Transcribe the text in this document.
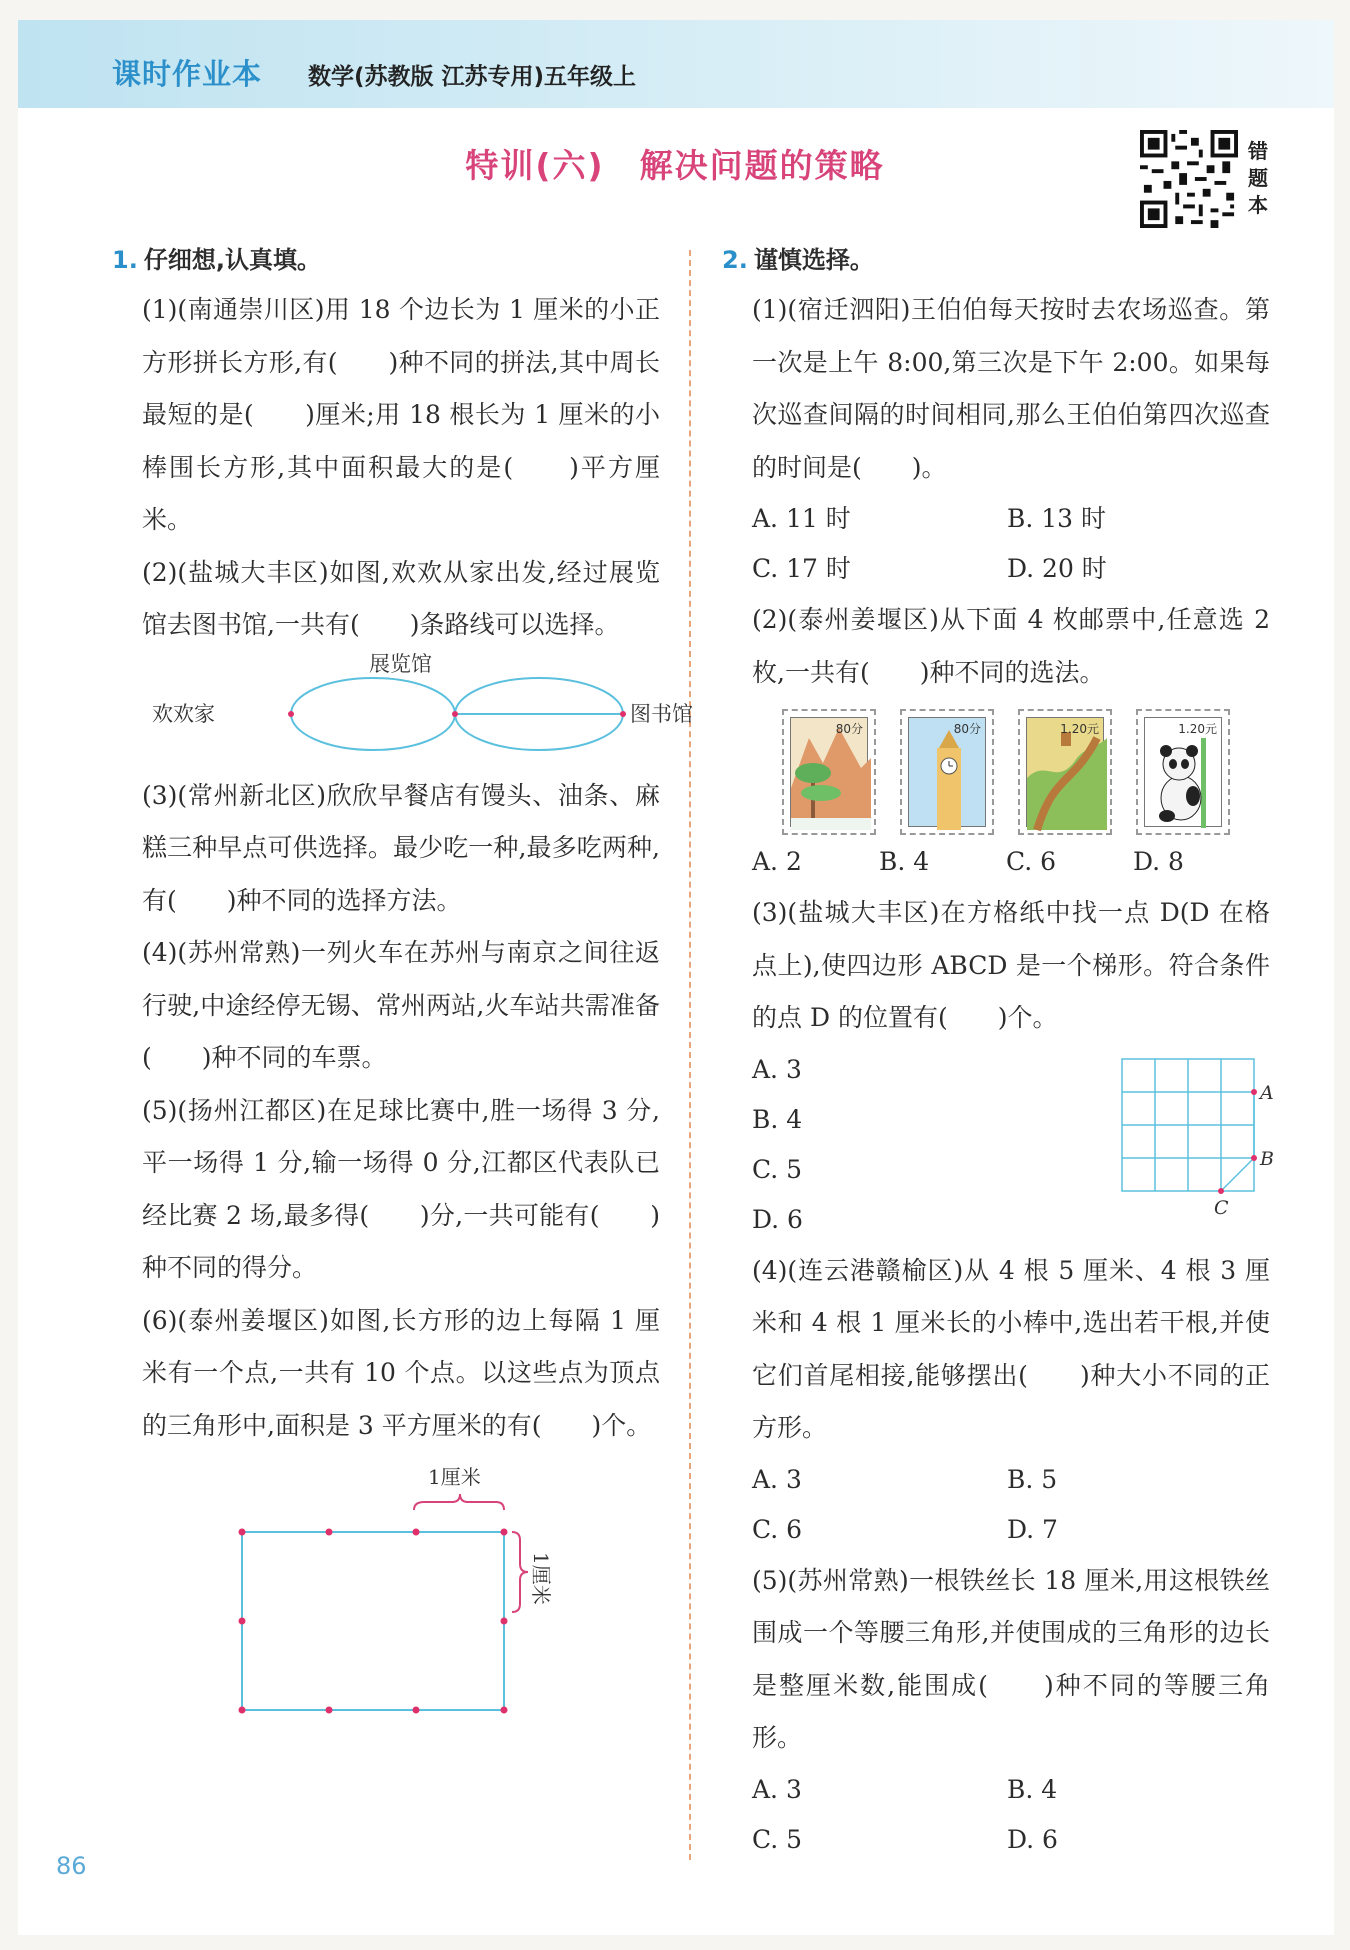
课时作业本 数学(苏教版 江苏专用)五年级上
特训(六)　解决问题的策略	错
题
本
1. 仔细想,认真填。

(1)(南通崇川区)用 18 个边长为 1 厘米的小正方形拼长方形,有(　　)种不同的拼法,其中周长最短的是(　　)厘米;用 18 根长为 1 厘米的小棒围长方形,其中面积最大的是(　　)平方厘米。

(2)(盐城大丰区)如图,欢欢从家出发,经过展览馆去图书馆,一共有(　　)条路线可以选择。

展览馆
欢欢家	图书馆

(3)(常州新北区)欣欣早餐店有馒头、油条、麻糕三种早点可供选择。最少吃一种,最多吃两种,有(　　)种不同的选择方法。

(4)(苏州常熟)一列火车在苏州与南京之间往返行驶,中途经停无锡、常州两站,火车站共需准备(　　)种不同的车票。

(5)(扬州江都区)在足球比赛中,胜一场得 3 分,平一场得 1 分,输一场得 0 分,江都区代表队已经比赛 2 场,最多得(　　)分,一共可能有(　　)种不同的得分。

(6)(泰州姜堰区)如图,长方形的边上每隔 1 厘米有一个点,一共有 10 个点。以这些点为顶点的三角形中,面积是 3 平方厘米的有(　　)个。

1厘米
1厘米
2. 谨慎选择。

(1)(宿迁泗阳)王伯伯每天按时去农场巡查。第一次是上午 8:00,第三次是下午 2:00。如果每次巡查间隔的时间相同,那么王伯伯第四次巡查的时间是(　　)。

A. 11 时	B. 13 时
C. 17 时	D. 20 时

(2)(泰州姜堰区)从下面 4 枚邮票中,任意选 2 枚,一共有(　　)种不同的选法。

80分	80分	1.20元	1.20元
A. 2	B. 4	C. 6	D. 8

(3)(盐城大丰区)在方格纸中找一点 D(D 在格点上),使四边形 ABCD 是一个梯形。符合条件的点 D 的位置有(　　)个。

A. 3
B. 4
C. 5
D. 6
A
B
C

(4)(连云港赣榆区)从 4 根 5 厘米、4 根 3 厘米和 4 根 1 厘米长的小棒中,选出若干根,并使它们首尾相接,能够摆出(　　)种大小不同的正方形。

A. 3	B. 5
C. 6	D. 7

(5)(苏州常熟)一根铁丝长 18 厘米,用这根铁丝围成一个等腰三角形,并使围成的三角形的边长是整厘米数,能围成(　　)种不同的等腰三角形。

A. 3	B. 4
C. 5	D. 6
86
